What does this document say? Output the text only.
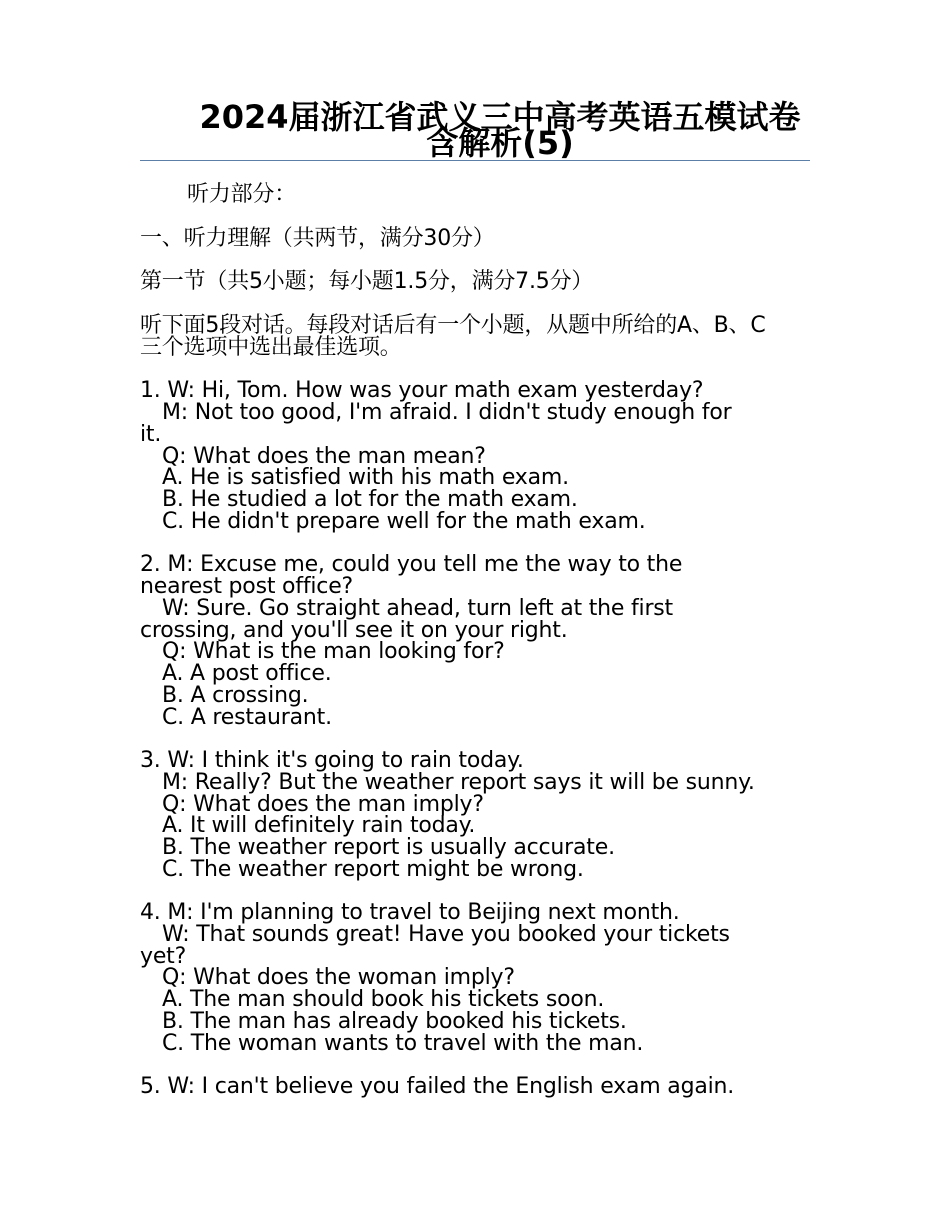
2024届浙江省武义三中高考英语五模试卷含解析(5)
听力部分：
一、听力理解（共两节，满分30分）
第一节（共5小题；每小题1.5分，满分7.5分）
听下面5段对话。每段对话后有一个小题，从题中所给的A、B、C三个选项中选出最佳选项。
1. W: Hi, Tom. How was your math exam yesterday?
M: Not too good, I'm afraid. I didn't study enough for
it.
Q: What does the man mean?
A. He is satisfied with his math exam.
B. He studied a lot for the math exam.
C. He didn't prepare well for the math exam.
2. M: Excuse me, could you tell me the way to the
nearest post office?
W: Sure. Go straight ahead, turn left at the first
crossing, and you'll see it on your right.
Q: What is the man looking for?
A. A post office.
B. A crossing.
C. A restaurant.
3. W: I think it's going to rain today.
M: Really? But the weather report says it will be sunny.
Q: What does the man imply?
A. It will definitely rain today.
B. The weather report is usually accurate.
C. The weather report might be wrong.
4. M: I'm planning to travel to Beijing next month.
W: That sounds great! Have you booked your tickets
yet?
Q: What does the woman imply?
A. The man should book his tickets soon.
B. The man has already booked his tickets.
C. The woman wants to travel with the man.
5. W: I can't believe you failed the English exam again.
